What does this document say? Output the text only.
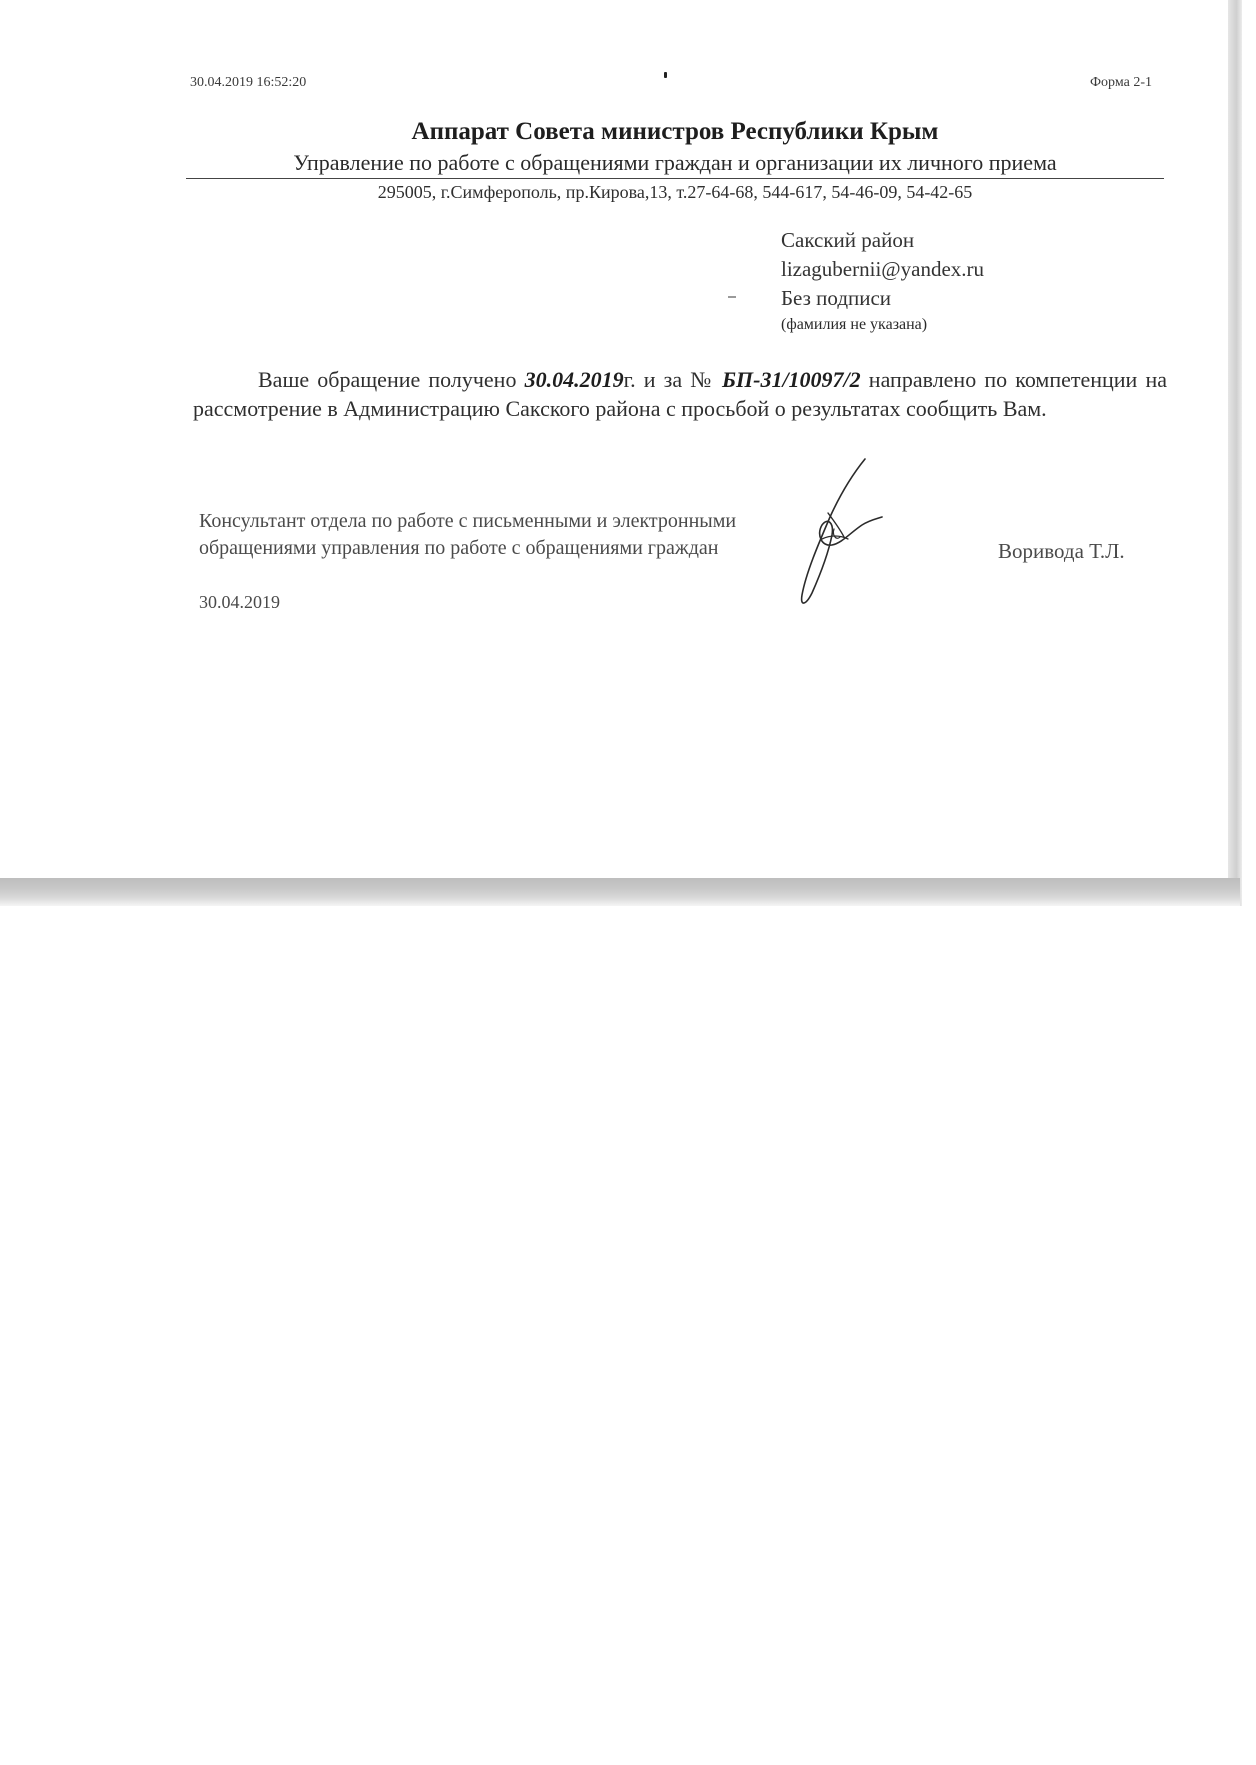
30.04.2019 16:52:20	Форма 2-1
Аппарат Совета министров Республики Крым
Управление по работе с обращениями граждан и организации их личного приема
295005, г.Симферополь, пр.Кирова,13, т.27-64-68, 544-617, 54-46-09, 54-42-65
Сакский район
lizagubernii@yandex.ru
Без подписи
(фамилия не указана)
Ваше обращение получено 30.04.2019г. и за № БП-31/10097/2 направлено по компетенции на рассмотрение в Администрацию Сакского района с просьбой о результатах сообщить Вам.
Консультант отдела по работе с письменными и электронными обращениями управления по работе с обращениями граждан
30.04.2019
Воривода Т.Л.
